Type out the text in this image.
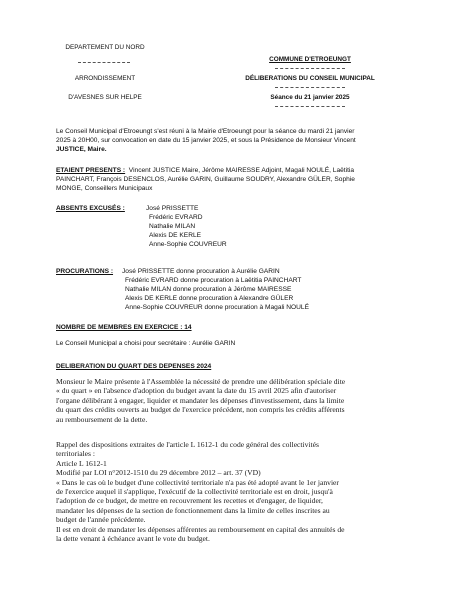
DEPARTEMENT DU NORD
ARRONDISSEMENT
D'AVESNES SUR HELPE
COMMUNE D'ETROEUNGT
DÉLIBERATIONS DU CONSEIL MUNICIPAL
Séance du 21 janvier 2025
Le Conseil Municipal d'Etroeungt s'est réuni à la Mairie d'Etroeungt pour la séance du mardi 21 janvier
2025 à 20H00, sur convocation en date du 15 janvier 2025, et sous la Présidence de Monsieur Vincent
JUSTICE, Maire.
ETAIENT PRESENTS : Vincent JUSTICE Maire, Jérôme MAIRESSE Adjoint, Magali NOULÉ, Laëtitia
PAINCHART, François DESENCLOS, Aurélie GARIN, Guillaume SOUDRY, Alexandre GÜLER, Sophie
MONGE, Conseillers Municipaux
ABSENTS EXCUSÉS :	José PRISSETTE
Frédéric EVRARD
Nathalie MILAN
Alexis DE KERLE
Anne-Sophie COUVREUR
PROCURATIONS : José PRISSETTE donne procuration à Aurélie GARIN
Frédéric EVRARD donne procuration à Laëtitia PAINCHART
Nathalie MILAN donne procuration à Jérôme MAIRESSE
Alexis DE KERLE donne procuration à Alexandre GÜLER
Anne-Sophie COUVREUR donne procuration à Magali NOULÉ
NOMBRE DE MEMBRES EN EXERCICE : 14
Le Conseil Municipal a choisi pour secrétaire : Aurélie GARIN
DELIBERATION DU QUART DES DEPENSES 2024
Monsieur le Maire présente à l'Assemblée la nécessité de prendre une délibération spéciale dite
« du quart » en l'absence d'adoption du budget avant la date du 15 avril 2025 afin d'autoriser
l'organe délibérant à engager, liquider et mandater les dépenses d'investissement, dans la limite
du quart des crédits ouverts au budget de l'exercice précédent, non compris les crédits afférents
au remboursement de la dette.
Rappel des dispositions extraites de l'article L 1612-1 du code général des collectivités
territoriales :
Article L 1612-1
Modifié par LOI n°2012-1510 du 29 décembre 2012 – art. 37 (VD)
« Dans le cas où le budget d'une collectivité territoriale n'a pas été adopté avant le 1er janvier
de l'exercice auquel il s'applique, l'exécutif de la collectivité territoriale est en droit, jusqu'à
l'adoption de ce budget, de mettre en recouvrement les recettes et d'engager, de liquider,
mandater les dépenses de la section de fonctionnement dans la limite de celles inscrites au
budget de l'année précédente.
Il est en droit de mandater les dépenses afférentes au remboursement en capital des annuités de
la dette venant à échéance avant le vote du budget.
